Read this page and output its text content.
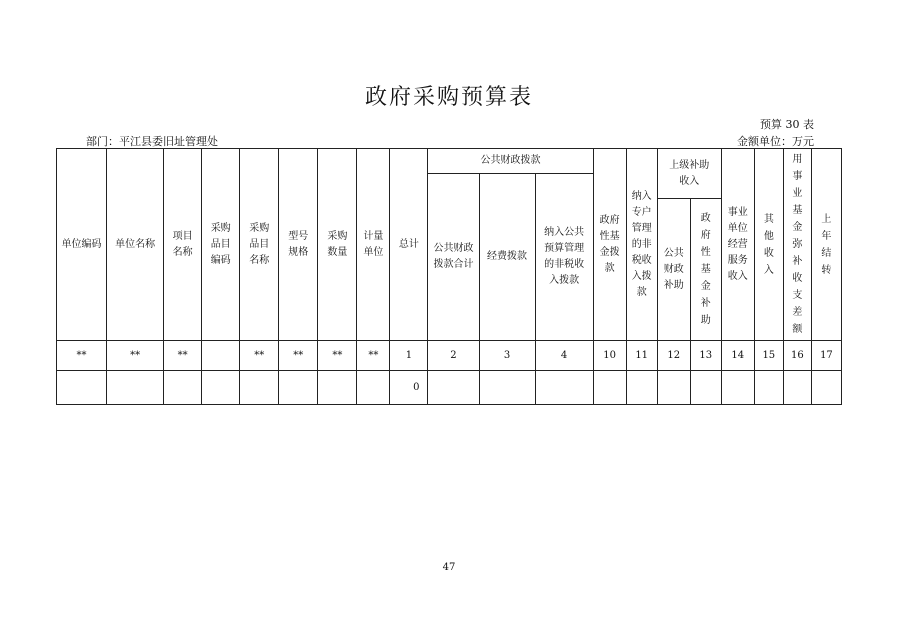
政府采购预算表
预算 30 表
部门：平江县委旧址管理处	金额单位：万元
单位编码	单位名称	项目名称	采购品目编码	采购品目名称	型号规格	采购数量	计量单位	总计	公共财政拨款			政府性基金拨款	纳入专户管理的非税收入拨款	上级补助收入		事业单位经营服务收入	其他收入	用事业基金弥补收支差额	上年结转
									公共财政拨款合计	经费拨款	纳入公共预算管理的非税收入拨款								
														公共财政补助	政府性基金补助				
**	**	**		**	**	**	**	1	2	3	4	10	11	12	13	14	15	16	17
								0											
47
